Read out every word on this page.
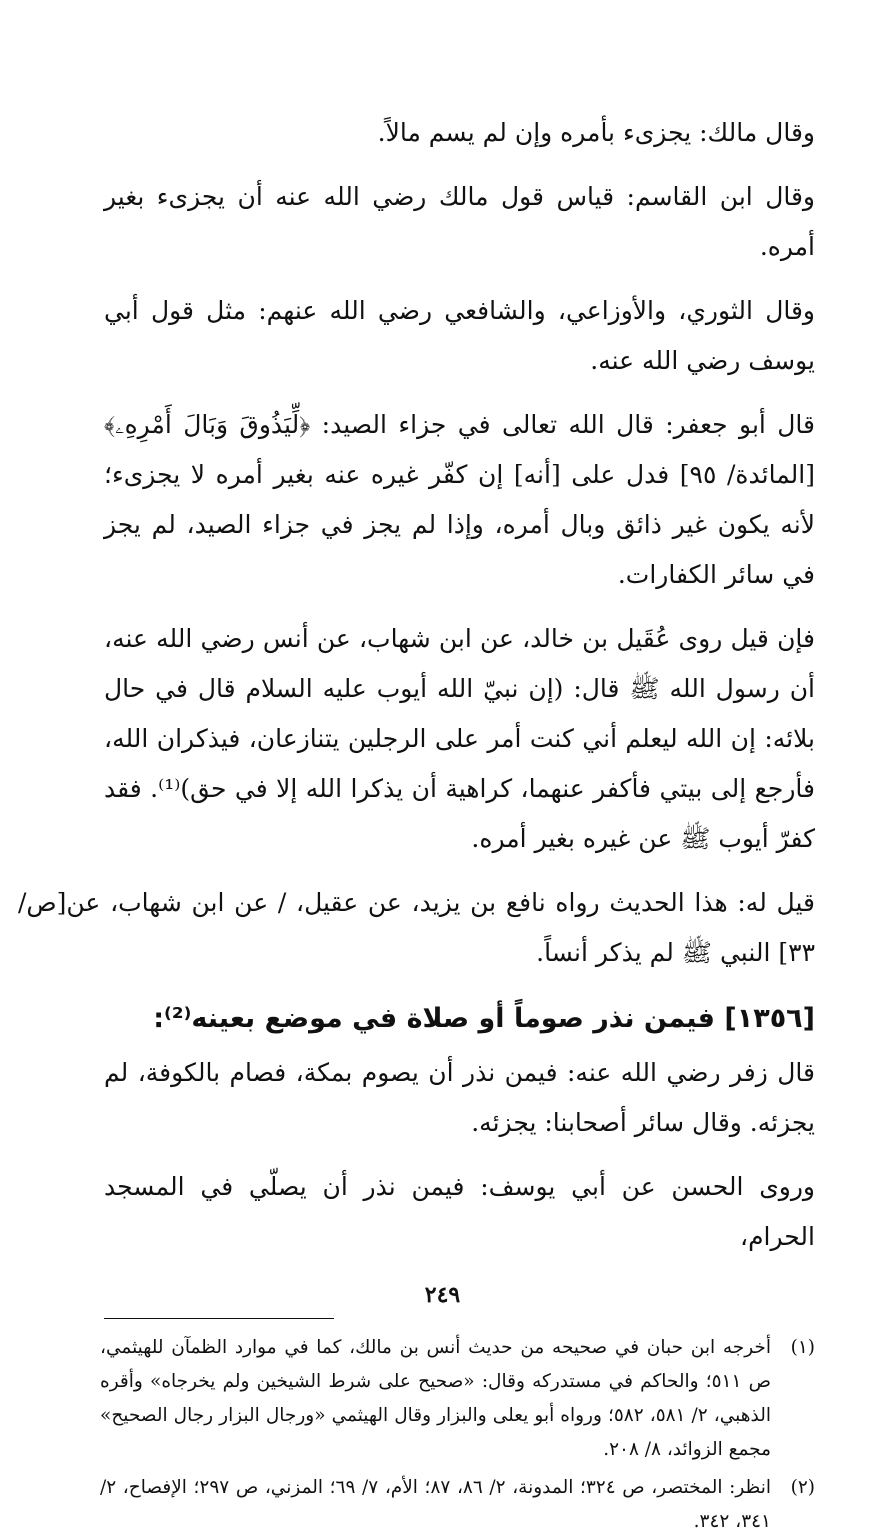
وقال مالك: يجزىء بأمره وإن لم يسم مالاً.

وقال ابن القاسم: قياس قول مالك رضي الله عنه أن يجزىء بغير أمره.

وقال الثوري، والأوزاعي، والشافعي رضي الله عنهم: مثل قول أبي يوسف رضي الله عنه.

قال أبو جعفر: قال الله تعالى في جزاء الصيد: ﴿لِّيَذُوقَ وَبَالَ أَمْرِهِۦ﴾ [المائدة/ ٩٥] فدل على [أنه] إن كفّر غيره عنه بغير أمره لا يجزىء؛ لأنه يكون غير ذائق وبال أمره، وإذا لم يجز في جزاء الصيد، لم يجز في سائر الكفارات.

فإن قيل روى عُقَيل بن خالد، عن ابن شهاب، عن أنس رضي الله عنه، أن رسول الله ﷺ قال: (إن نبيّ الله أيوب عليه السلام قال في حال بلائه: إن الله ليعلم أني كنت أمر على الرجلين يتنازعان، فيذكران الله، فأرجع إلى بيتي فأكفر عنهما، كراهية أن يذكرا الله إلا في حق)⁽¹⁾. فقد كفرّ أيوب ﷺ عن غيره بغير أمره.

قيل له: هذا الحديث رواه نافع بن يزيد، عن عقيل، / عن ابن شهاب، عن[ص/٣٣] النبي ﷺ لم يذكر أنساً.

[١٣٥٦] فيمن نذر صوماً أو صلاة في موضع بعينه⁽²⁾:

قال زفر رضي الله عنه: فيمن نذر أن يصوم بمكة، فصام بالكوفة، لم يجزئه. وقال سائر أصحابنا: يجزئه.

وروى الحسن عن أبي يوسف: فيمن نذر أن يصلّي في المسجد الحرام،

(١)
أخرجه ابن حبان في صحيحه من حديث أنس بن مالك، كما في موارد الظمآن للهيثمي، ص ٥١١؛ والحاكم في مستدركه وقال: «صحيح على شرط الشيخين ولم يخرجاه» وأقره الذهبي، ٢/ ٥٨١، ٥٨٢؛ ورواه أبو يعلى والبزار وقال الهيثمي «ورجال البزار رجال الصحيح» مجمع الزوائد، ٨/ ٢٠٨.
(٢)
انظر: المختصر، ص ٣٢٤؛ المدونة، ٢/ ٨٦، ٨٧؛ الأم، ٧/ ٦٩؛ المزني، ص ٢٩٧؛ الإفصاح، ٢/ ٣٤١، ٣٤٢.
٢٤٩
